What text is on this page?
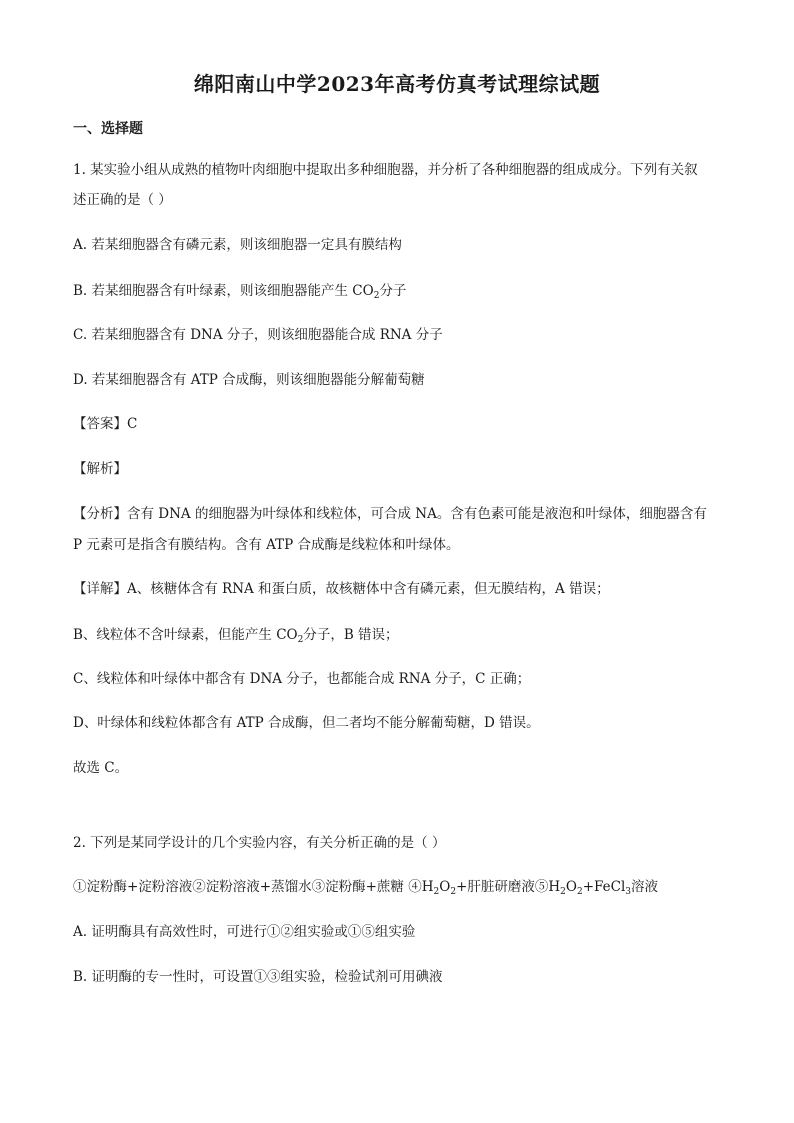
绵阳南山中学2023年高考仿真考试理综试题
一、选择题
1. 某实验小组从成熟的植物叶肉细胞中提取出多种细胞器，并分析了各种细胞器的组成成分。下列有关叙
述正确的是（ ）
A. 若某细胞器含有磷元素，则该细胞器一定具有膜结构
B. 若某细胞器含有叶绿素，则该细胞器能产生 $CO_2$分子
C. 若某细胞器含有 DNA 分子，则该细胞器能合成 RNA 分子
D. 若某细胞器含有 ATP 合成酶，则该细胞器能分解葡萄糖
【答案】C
【解析】
【分析】含有 DNA 的细胞器为叶绿体和线粒体，可合成 NA。含有色素可能是液泡和叶绿体，细胞器含有
P 元素可是指含有膜结构。含有 ATP 合成酶是线粒体和叶绿体。
【详解】A、核糖体含有 RNA 和蛋白质，故核糖体中含有磷元素，但无膜结构，A 错误；
B、线粒体不含叶绿素，但能产生 $CO_2$分子，B 错误；
C、线粒体和叶绿体中都含有 DNA 分子，也都能合成 RNA 分子，C 正确；
D、叶绿体和线粒体都含有 ATP 合成酶，但二者均不能分解葡萄糖，D 错误。
故选 C。
2. 下列是某同学设计的几个实验内容，有关分析正确的是（ ）
①淀粉酶+淀粉溶液②淀粉溶液+蒸馏水③淀粉酶+蔗糖 $④H_2O_2+$肝脏研磨液$⑤H_2O_2+FeCl_3$溶液
A. 证明酶具有高效性时，可进行①②组实验或①⑤组实验
B. 证明酶的专一性时，可设置①③组实验，检验试剂可用碘液
